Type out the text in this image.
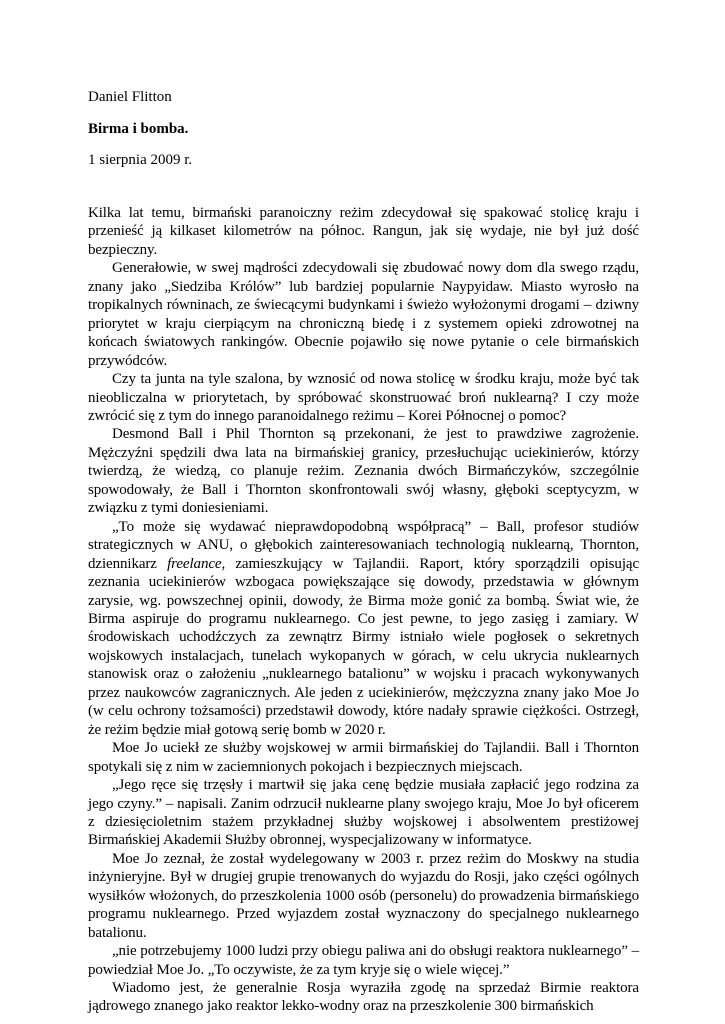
Daniel Flitton
Birma i bomba.
1 sierpnia 2009 r.

Kilka lat temu, birmański paranoiczny reżim zdecydował się spakować stolicę kraju i przenieść ją kilkaset kilometrów na północ. Rangun, jak się wydaje, nie był już dość bezpieczny.

Generałowie, w swej mądrości zdecydowali się zbudować nowy dom dla swego rządu, znany jako „Siedziba Królów” lub bardziej popularnie Naypyidaw. Miasto wyrosło na tropikalnych równinach, ze świecącymi budynkami i świeżo wyłożonymi drogami – dziwny priorytet w kraju cierpiącym na chroniczną biedę i z systemem opieki zdrowotnej na końcach światowych rankingów. Obecnie pojawiło się nowe pytanie o cele birmańskich przywódców.

Czy ta junta na tyle szalona, by wznosić od nowa stolicę w środku kraju, może być tak nieobliczalna w priorytetach, by spróbować skonstruować broń nuklearną? I czy może zwrócić się z tym do innego paranoidalnego reżimu – Korei Północnej o pomoc?

Desmond Ball i Phil Thornton są przekonani, że jest to prawdziwe zagrożenie. Mężczyźni spędzili dwa lata na birmańskiej granicy, przesłuchując uciekinierów, którzy twierdzą, że wiedzą, co planuje reżim. Zeznania dwóch Birmańczyków, szczególnie spowodowały, że Ball i Thornton skonfrontowali swój własny, głęboki sceptycyzm, w związku z tymi doniesieniami.

„To może się wydawać nieprawdopodobną współpracą” – Ball, profesor studiów strategicznych w ANU, o głębokich zainteresowaniach technologią nuklearną, Thornton, dziennikarz freelance, zamieszkujący w Tajlandii. Raport, który sporządzili opisując zeznania uciekinierów wzbogaca powiększające się dowody, przedstawia w głównym zarysie, wg. powszechnej opinii, dowody, że Birma może gonić za bombą. Świat wie, że Birma aspiruje do programu nuklearnego. Co jest pewne, to jego zasięg i zamiary. W środowiskach uchodźczych za zewnątrz Birmy istniało wiele pogłosek o sekretnych wojskowych instalacjach, tunelach wykopanych w górach, w celu ukrycia nuklearnych stanowisk oraz o założeniu „nuklearnego batalionu” w wojsku i pracach wykonywanych przez naukowców zagranicznych. Ale jeden z uciekinierów, mężczyzna znany jako Moe Jo (w celu ochrony tożsamości) przedstawił dowody, które nadały sprawie ciężkości. Ostrzegł, że reżim będzie miał gotową serię bomb w 2020 r.

Moe Jo uciekł ze służby wojskowej w armii birmańskiej do Tajlandii. Ball i Thornton spotykali się z nim w zaciemnionych pokojach i bezpiecznych miejscach.

„Jego ręce się trzęsły i martwił się jaka cenę będzie musiała zapłacić jego rodzina za jego czyny.” – napisali. Zanim odrzucił nuklearne plany swojego kraju, Moe Jo był oficerem z dziesięcioletnim stażem przykładnej służby wojskowej i absolwentem prestiżowej Birmańskiej Akademii Służby obronnej, wyspecjalizowany w informatyce.

Moe Jo zeznał, że został wydelegowany w 2003 r. przez reżim do Moskwy na studia inżynieryjne. Był w drugiej grupie trenowanych do wyjazdu do Rosji, jako części ogólnych wysiłków włożonych, do przeszkolenia 1000 osób (personelu) do prowadzenia birmańskiego programu nuklearnego. Przed wyjazdem został wyznaczony do specjalnego nuklearnego batalionu.

„nie potrzebujemy 1000 ludzi przy obiegu paliwa ani do obsługi reaktora nuklearnego” – powiedział Moe Jo. „To oczywiste, że za tym kryje się o wiele więcej.”

Wiadomo jest, że generalnie Rosja wyraziła zgodę na sprzedaż Birmie reaktora jądrowego znanego jako reaktor lekko-wodny oraz na przeszkolenie 300 birmańskich
